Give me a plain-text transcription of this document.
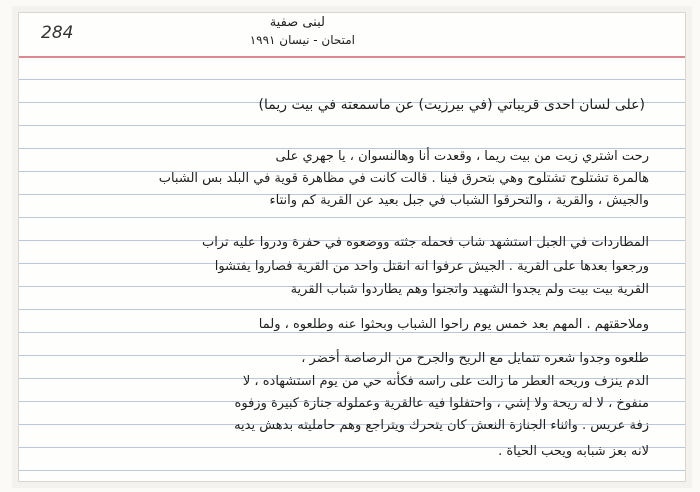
284
لبنى صفية
امتحان - نيسان ١٩٩١
(على لسان احدى قريباتي (في بيرزيت) عن ماسمعته في بيت ريما)
رحت اشتري زيت من بيت ريما ، وقعدت أنا وهالنسوان ، يا جهري على
هالمرة تشتلوح تشتلوح وهي بتحرق فينا . قالت كانت في مظاهرة قوية في البلد بس الشباب
والجيش ، والقرية ، والتحرقوا الشباب في جبل بعيد عن القرية كم وانتاء
المطاردات في الجبل استشهد شاب فحمله جثته ووضعوه في حفرة ودروا عليه تراب
ورجعوا بعدها على القرية . الجيش عرفوا انه انقتل واحد من القرية فصاروا يفتشوا
القرية بيت بيت ولم يجدوا الشهيد واتجنوا وهم يطاردوا شباب القرية
وملاحقتهم . المهم بعد خمس يوم راحوا الشباب وبحثوا عنه وطلعوه ، ولما
طلعوه وجدوا شعره تتمايل مع الريح والجرح من الرصاصة أخضر ،
الدم ينزف وريحه العطر ما زالت على راسه فكأنه حي من يوم استشهاده ، لا
منفوخ ، لا له ريحة ولا إشي ، واحتفلوا فيه عالقرية وعملوله جنازة كبيرة وزفوه
زفة عريس . واثناء الجنازة النعش كان يتحرك ويتراجع وهم حامليته بدهش يديه
لانه بعز شبابه ويحب الحياة .
